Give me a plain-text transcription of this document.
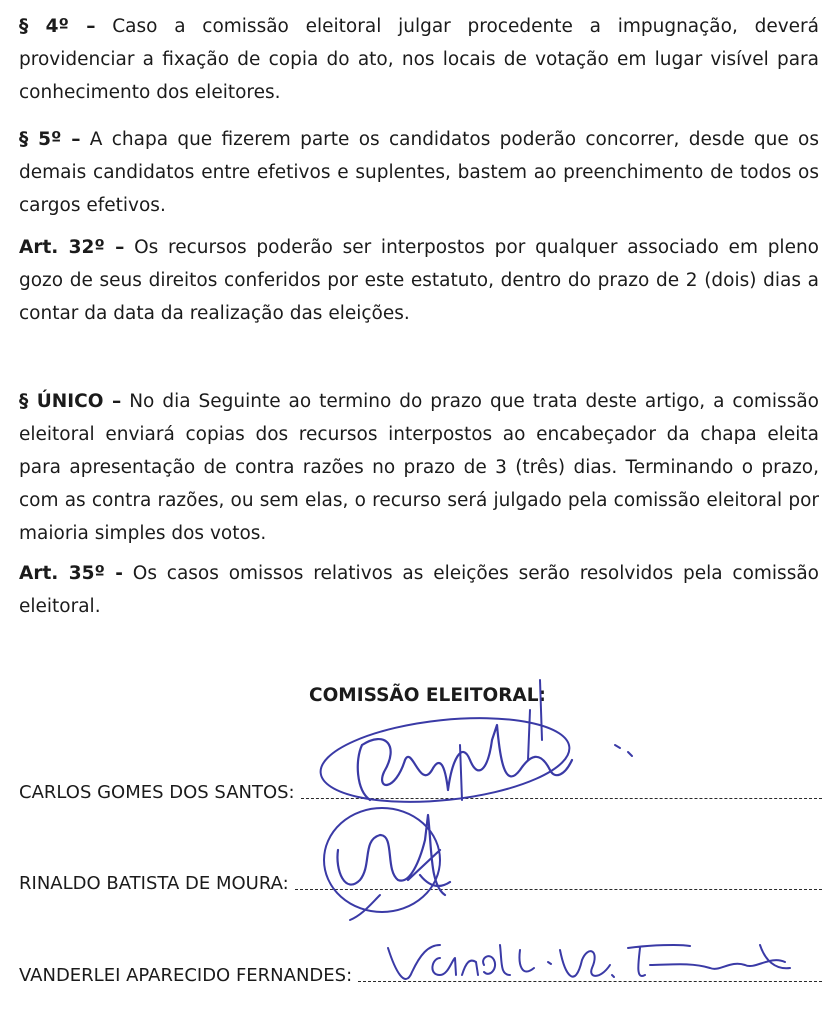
§ 4º – Caso a comissão eleitoral julgar procedente a impugnação, deverá providenciar a fixação de copia do ato, nos locais de votação em lugar visível para conhecimento dos eleitores.

§ 5º – A chapa que fizerem parte os candidatos poderão concorrer, desde que os demais candidatos entre efetivos e suplentes, bastem ao preenchimento de todos os cargos efetivos.

Art. 32º – Os recursos poderão ser interpostos por qualquer associado em pleno gozo de seus direitos conferidos por este estatuto, dentro do prazo de 2 (dois) dias a contar da data da realização das eleições.

§ ÚNICO – No dia Seguinte ao termino do prazo que trata deste artigo, a comissão eleitoral enviará copias dos recursos interpostos ao encabeçador da chapa eleita para apresentação de contra razões no prazo de 3 (três) dias. Terminando o prazo, com as contra razões, ou sem elas, o recurso será julgado pela comissão eleitoral por maioria simples dos votos.

Art. 35º - Os casos omissos relativos as eleições serão resolvidos pela comissão eleitoral.

COMISSÃO ELEITORAL:

CARLOS GOMES DOS SANTOS:
RINALDO BATISTA DE MOURA:
VANDERLEI APARECIDO FERNANDES:
